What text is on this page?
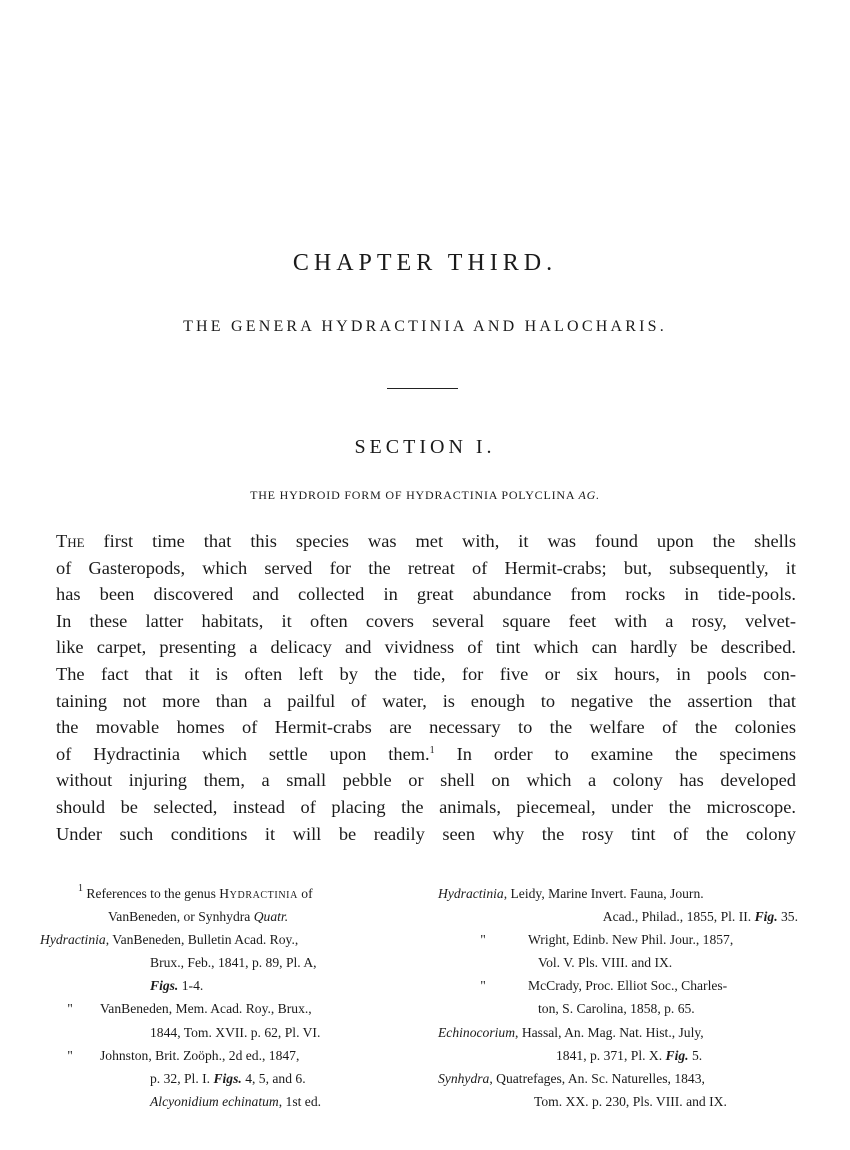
CHAPTER THIRD.
THE GENERA HYDRACTINIA AND HALOCHARIS.
SECTION I.
THE HYDROID FORM OF HYDRACTINIA POLYCLINA AG.
The first time that this species was met with, it was found upon the shells
of Gasteropods, which served for the retreat of Hermit-crabs; but, subsequently, it
has been discovered and collected in great abundance from rocks in tide-pools.
In these latter habitats, it often covers several square feet with a rosy, velvet-
like carpet, presenting a delicacy and vividness of tint which can hardly be described.
The fact that it is often left by the tide, for five or six hours, in pools con-
taining not more than a pailful of water, is enough to negative the assertion that
the movable homes of Hermit-crabs are necessary to the welfare of the colonies
of Hydractinia which settle upon them.$^1$ In order to examine the specimens
without injuring them, a small pebble or shell on which a colony has developed
should be selected, instead of placing the animals, piecemeal, under the microscope.
Under such conditions it will be readily seen why the rosy tint of the colony
$^1$ References to the genus Hydractinia of
VanBeneden, or Synhydra Quatr.
Hydractinia, VanBeneden, Bulletin Acad. Roy.,
Brux., Feb., 1841, p. 89, Pl. A,
Figs. 1-4.
" VanBeneden, Mem. Acad. Roy., Brux.,
1844, Tom. XVII. p. 62, Pl. VI.
" Johnston, Brit. Zoöph., 2d ed., 1847,
p. 32, Pl. I. Figs. 4, 5, and 6.
Alcyonidium echinatum, 1st ed.
Hydractinia, Leidy, Marine Invert. Fauna, Journ.
Acad., Philad., 1855, Pl. II. Fig. 35.
"	Wright, Edinb. New Phil. Jour., 1857,
Vol. V. Pls. VIII. and IX.
"	McCrady, Proc. Elliot Soc., Charles-
ton, S. Carolina, 1858, p. 65.
Echinocorium, Hassal, An. Mag. Nat. Hist., July,
1841, p. 371, Pl. X. Fig. 5.
Synhydra, Quatrefages, An. Sc. Naturelles, 1843,
Tom. XX. p. 230, Pls. VIII. and IX.
